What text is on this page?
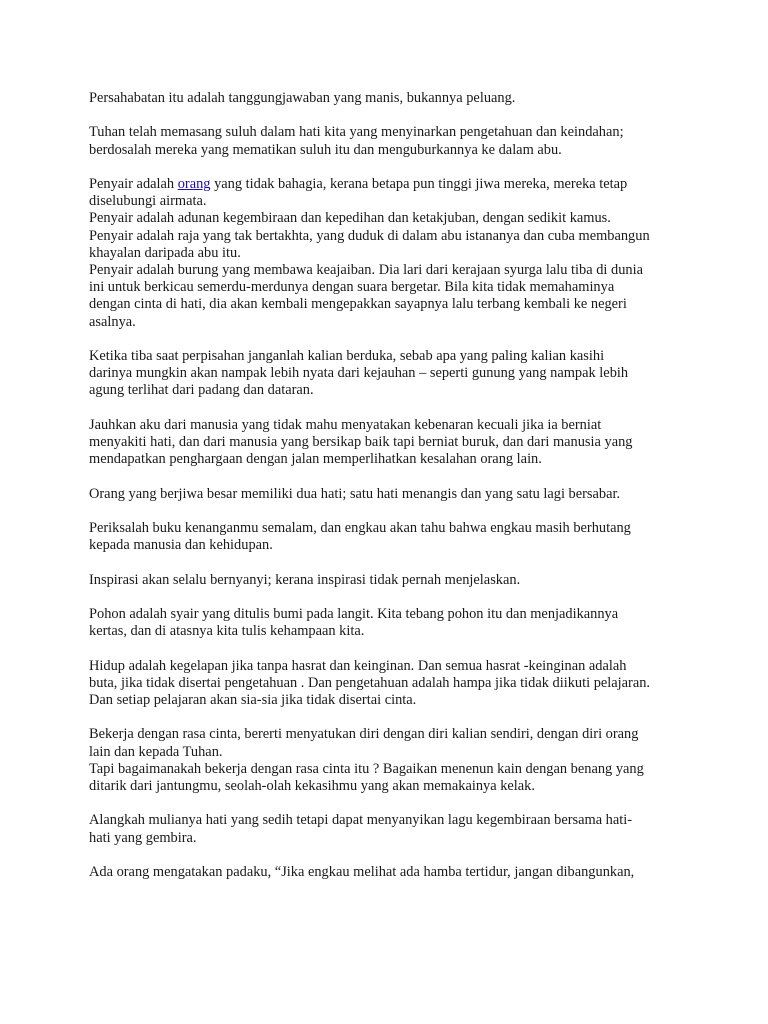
Persahabatan itu adalah tanggungjawaban yang manis, bukannya peluang.

Tuhan telah memasang suluh dalam hati kita yang menyinarkan pengetahuan dan keindahan;
berdosalah mereka yang mematikan suluh itu dan menguburkannya ke dalam abu.

Penyair adalah orang yang tidak bahagia, kerana betapa pun tinggi jiwa mereka, mereka tetap
diselubungi airmata.
Penyair adalah adunan kegembiraan dan kepedihan dan ketakjuban, dengan sedikit kamus.
Penyair adalah raja yang tak bertakhta, yang duduk di dalam abu istananya dan cuba membangun
khayalan daripada abu itu.
Penyair adalah burung yang membawa keajaiban. Dia lari dari kerajaan syurga lalu tiba di dunia
ini untuk berkicau semerdu-merdunya dengan suara bergetar. Bila kita tidak memahaminya
dengan cinta di hati, dia akan kembali mengepakkan sayapnya lalu terbang kembali ke negeri
asalnya.

Ketika tiba saat perpisahan janganlah kalian berduka, sebab apa yang paling kalian kasihi
darinya mungkin akan nampak lebih nyata dari kejauhan – seperti gunung yang nampak lebih
agung terlihat dari padang dan dataran.

Jauhkan aku dari manusia yang tidak mahu menyatakan kebenaran kecuali jika ia berniat
menyakiti hati, dan dari manusia yang bersikap baik tapi berniat buruk, dan dari manusia yang
mendapatkan penghargaan dengan jalan memperlihatkan kesalahan orang lain.

Orang yang berjiwa besar memiliki dua hati; satu hati menangis dan yang satu lagi bersabar.

Periksalah buku kenanganmu semalam, dan engkau akan tahu bahwa engkau masih berhutang
kepada manusia dan kehidupan.

Inspirasi akan selalu bernyanyi; kerana inspirasi tidak pernah menjelaskan.

Pohon adalah syair yang ditulis bumi pada langit. Kita tebang pohon itu dan menjadikannya
kertas, dan di atasnya kita tulis kehampaan kita.

Hidup adalah kegelapan jika tanpa hasrat dan keinginan. Dan semua hasrat -keinginan adalah
buta, jika tidak disertai pengetahuan . Dan pengetahuan adalah hampa jika tidak diikuti pelajaran.
Dan setiap pelajaran akan sia-sia jika tidak disertai cinta.

Bekerja dengan rasa cinta, bererti menyatukan diri dengan diri kalian sendiri, dengan diri orang
lain dan kepada Tuhan.
Tapi bagaimanakah bekerja dengan rasa cinta itu ? Bagaikan menenun kain dengan benang yang
ditarik dari jantungmu, seolah-olah kekasihmu yang akan memakainya kelak.

Alangkah mulianya hati yang sedih tetapi dapat menyanyikan lagu kegembiraan bersama hati-
hati yang gembira.

Ada orang mengatakan padaku, “Jika engkau melihat ada hamba tertidur, jangan dibangunkan,
